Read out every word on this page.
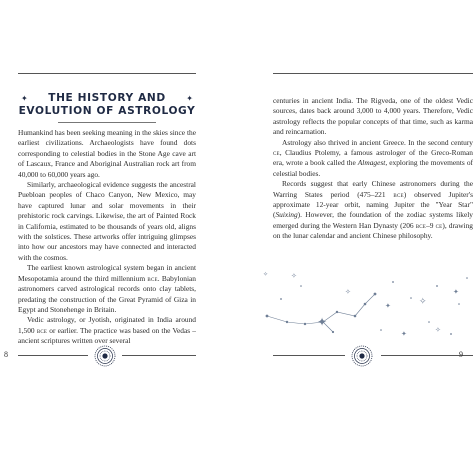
✦	THE HISTORY AND
EVOLUTION OF ASTROLOGY
✦

Humankind has been seeking meaning in the skies since the earliest civilizations. Archaeologists have found dots corresponding to celestial bodies in the Stone Age cave art of Lascaux, France and Aboriginal Australian rock art from 40,000 to 60,000 years ago.

Similarly, archaeological evidence suggests the ancestral Puebloan peoples of Chaco Canyon, New Mexico, may have captured lunar and solar movements in their prehistoric rock carvings. Likewise, the art of Painted Rock in California, estimated to be thousands of years old, aligns with the solstices. These artworks offer intriguing glimpses into how our ancestors may have connected and interacted with the cosmos.

The earliest known astrological system began in ancient Mesopotamia around the third millennium bce. Babylonian astronomers carved astrological records onto clay tablets, predating the construction of the Great Pyramid of Giza in Egypt and Stonehenge in Britain.

Vedic astrology, or Jyotish, originated in India around 1,500 bce or earlier. The practice was based on the Vedas – ancient scriptures written over several

8

centuries in ancient India. The Rigveda, one of the oldest Vedic sources, dates back around 3,000 to 4,000 years. Therefore, Vedic astrology reflects the popular concepts of that time, such as karma and reincarnation.

Astrology also thrived in ancient Greece. In the second century ce, Claudius Ptolemy, a famous astrologer of the Greco-Roman era, wrote a book called the Almagest, exploring the movements of celestial bodies.

Records suggest that early Chinese astronomers during the Warring States period (475–221 bce) observed Jupiter's approximate 12-year orbit, naming Jupiter the "Year Star" (Suixing). However, the foundation of the zodiac systems likely emerged during the Western Han Dynasty (206 bce–9 ce), drawing on the lunar calendar and ancient Chinese philosophy.

✦
✧
✧
✦	✧
✦	✧
✦
✧
9
